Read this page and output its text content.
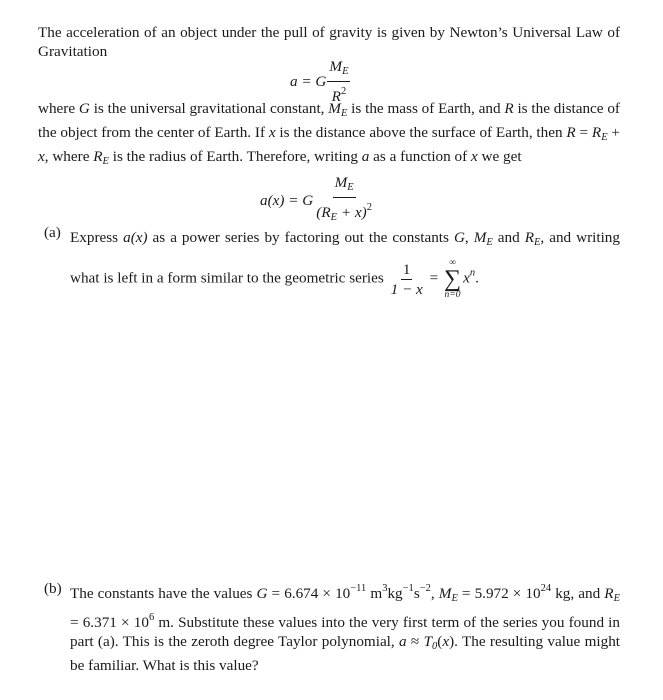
The acceleration of an object under the pull of gravity is given by Newton’s Universal Law of Gravitation

a = G $\frac{M_E}{R^2}$

where G is the universal gravitational constant, $M_E$ is the mass of Earth, and R is the distance of the object from the center of Earth. If x is the distance above the surface of Earth, then $R = R_E + x$, where $R_E$ is the radius of Earth. Therefore, writing a as a function of x we get

a(x) = G $\frac{M_E}{(R_E + x)^2}$
(a) Express a(x) as a power series by factoring out the constants G, $M_E$ and $R_E$, and writing what is left in a form similar to the geometric series $\frac{1}{1 - x}$ =
∞
∑
n=0
$x^n$.
(b) The constants have the values $G = 6.674 \times 10^{-11}$ $m^3kg^{-1}s^{-2}$, $M_E = 5.972 \times 10^{24}$ kg, and $R_E = 6.371 \times 10^6$ m. Substitute these values into the very first term of the series you found in part (a). This is the zeroth degree Taylor polynomial, $a \approx T_0(x)$. The resulting value might be familiar. What is this value?
